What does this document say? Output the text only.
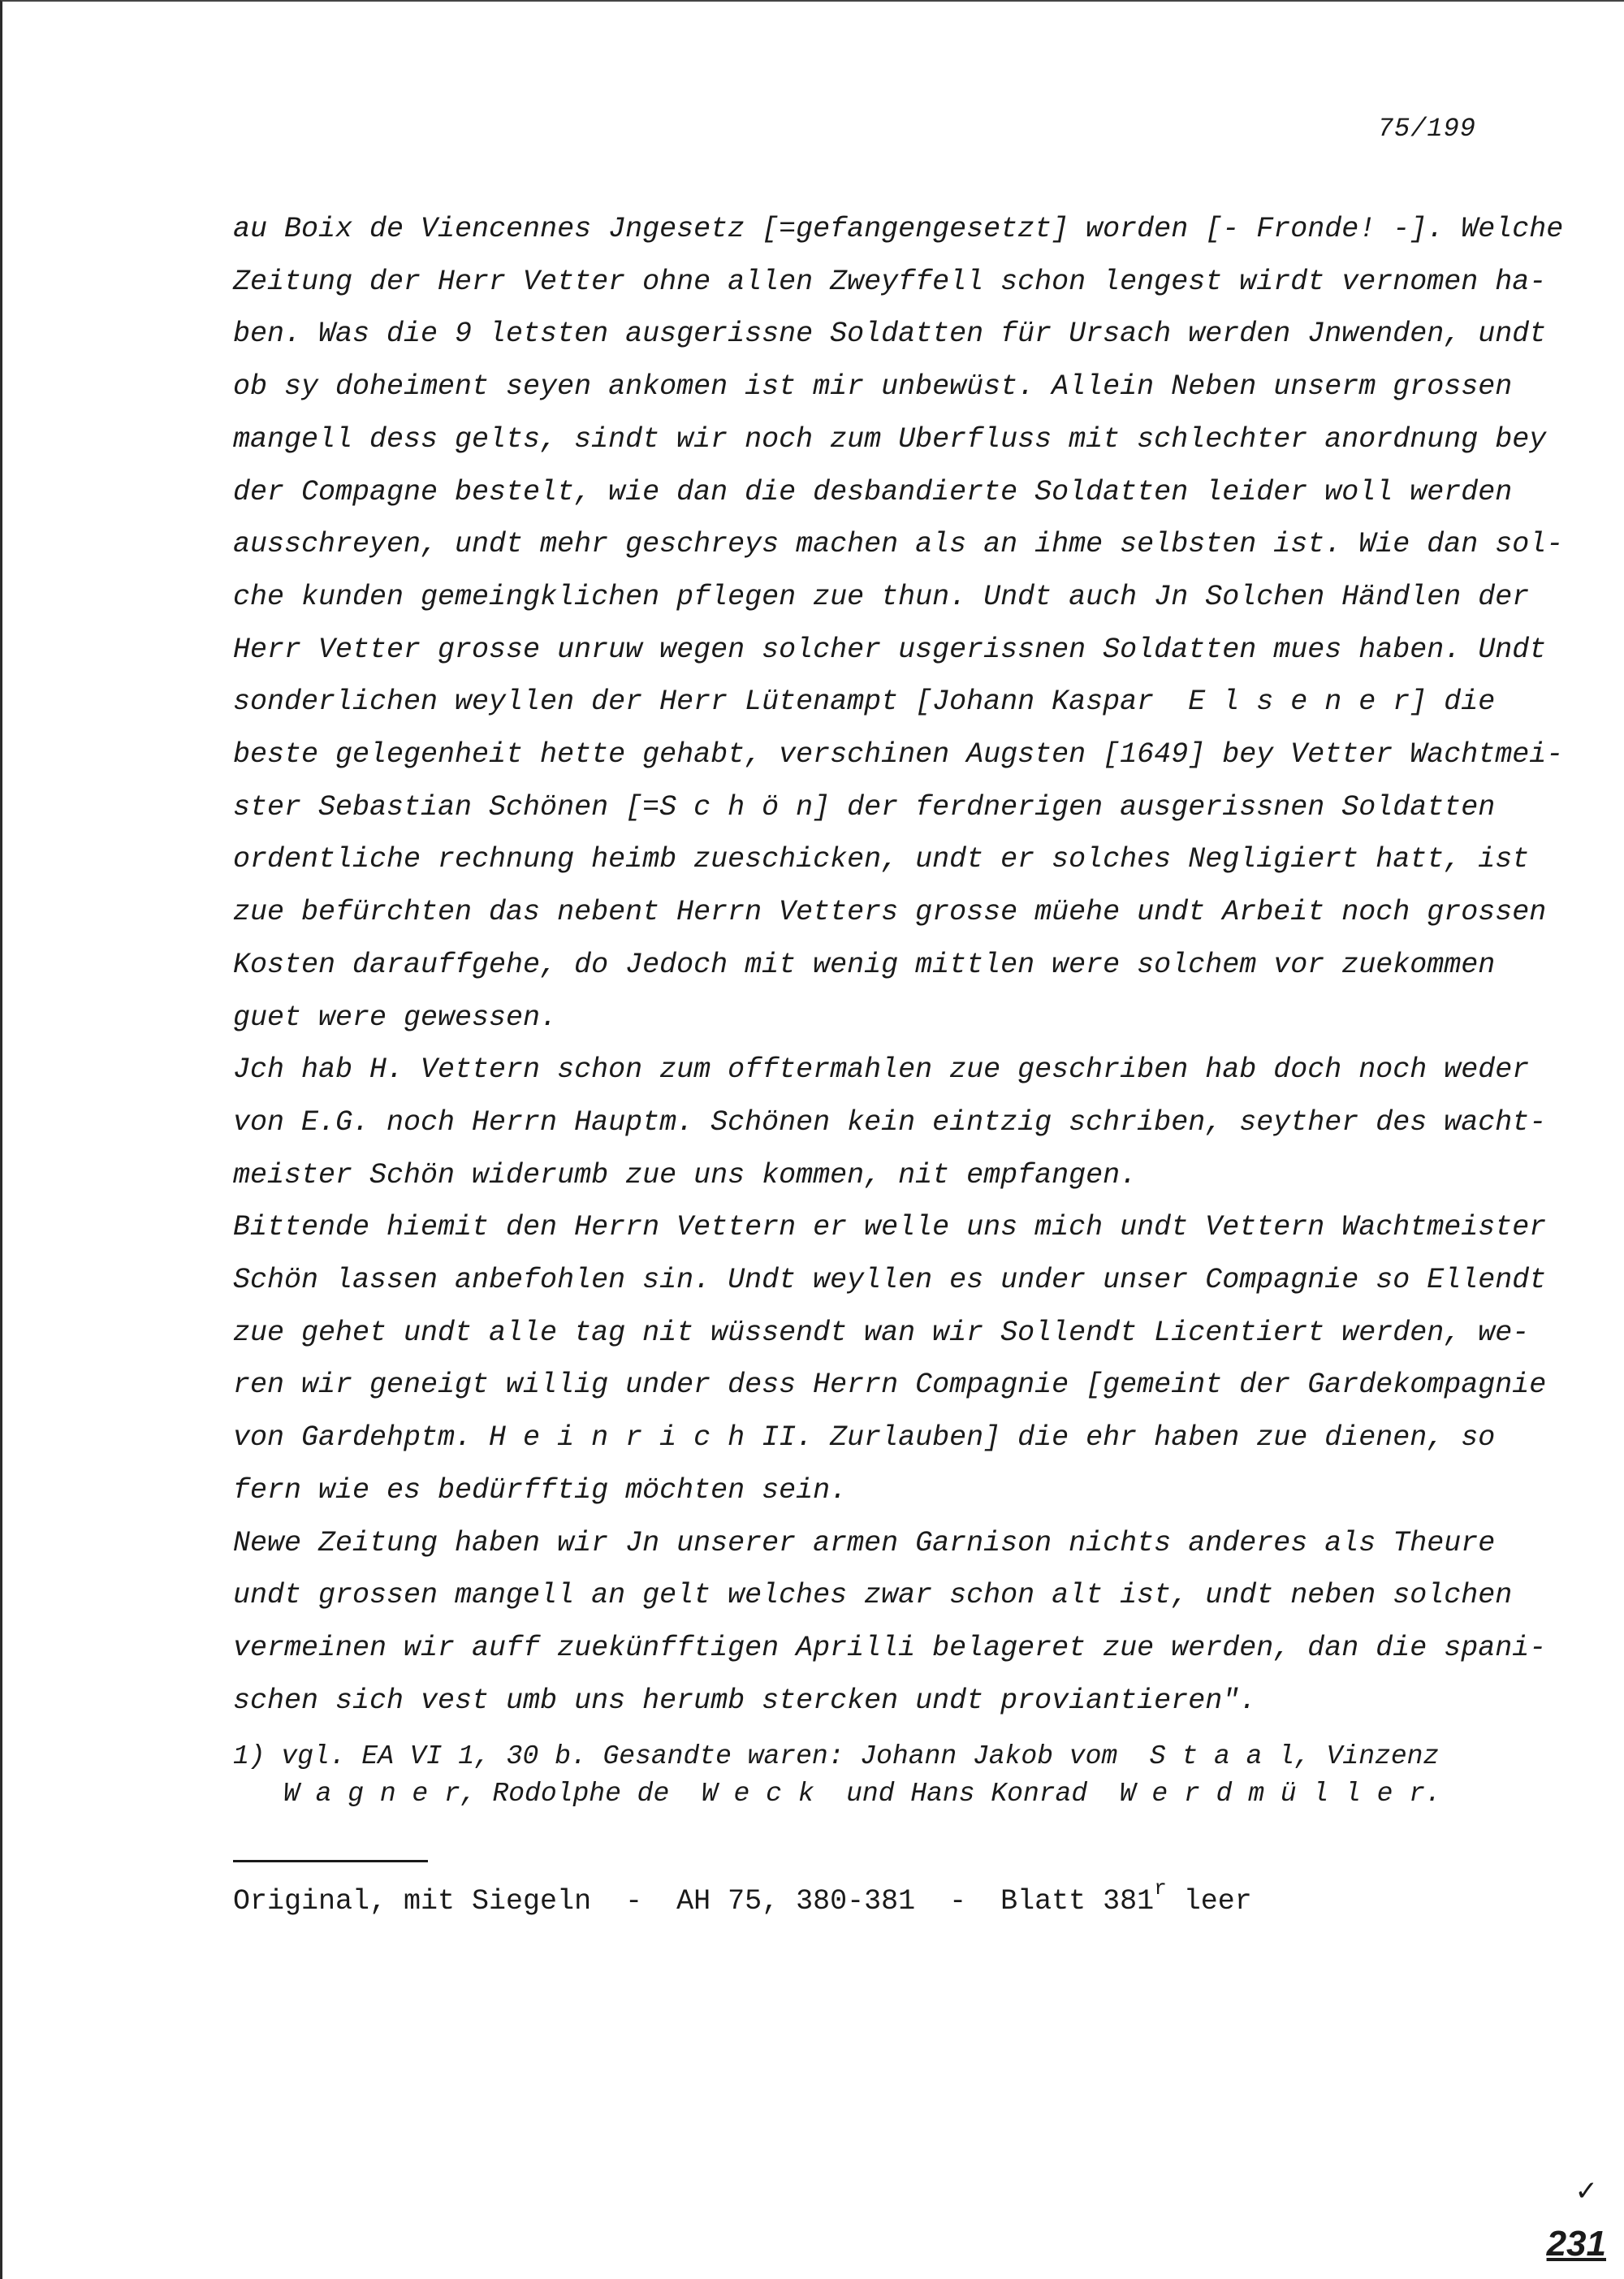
75/199
au Boix de Viencennes Jngesetz [=gefangengesetzt] worden [- Fronde! -]. Welche
Zeitung der Herr Vetter ohne allen Zweyffell schon lengest wirdt vernomen ha-
ben. Was die 9 letsten ausgerissne Soldatten für Ursach werden Jnwenden, undt
ob sy doheiment seyen ankomen ist mir unbewüst. Allein Neben unserm grossen
mangell dess gelts, sindt wir noch zum Uberfluss mit schlechter anordnung bey
der Compagne bestelt, wie dan die desbandierte Soldatten leider woll werden
ausschreyen, undt mehr geschreys machen als an ihme selbsten ist. Wie dan sol-
che kunden gemeingklichen pflegen zue thun. Undt auch Jn Solchen Händlen der
Herr Vetter grosse unruw wegen solcher usgerissnen Soldatten mues haben. Undt
sonderlichen weyllen der Herr Lütenampt [Johann Kaspar  E l s e n e r] die
beste gelegenheit hette gehabt, verschinen Augsten [1649] bey Vetter Wachtmei-
ster Sebastian Schönen [=S c h ö n] der ferdnerigen ausgerissnen Soldatten
ordentliche rechnung heimb zueschicken, undt er solches Negligiert hatt, ist
zue befürchten das nebent Herrn Vetters grosse müehe undt Arbeit noch grossen
Kosten darauffgehe, do Jedoch mit wenig mittlen were solchem vor zuekommen
guet were gewessen.
Jch hab H. Vettern schon zum offtermahlen zue geschriben hab doch noch weder
von E.G. noch Herrn Hauptm. Schönen kein eintzig schriben, seyther des wacht-
meister Schön widerumb zue uns kommen, nit empfangen.
Bittende hiemit den Herrn Vettern er welle uns mich undt Vettern Wachtmeister
Schön lassen anbefohlen sin. Undt weyllen es under unser Compagnie so Ellendt
zue gehet undt alle tag nit wüssendt wan wir Sollendt Licentiert werden, we-
ren wir geneigt willig under dess Herrn Compagnie [gemeint der Gardekompagnie
von Gardehptm. H e i n r i c h II. Zurlauben] die ehr haben zue dienen, so
fern wie es bedürfftig möchten sein.
Newe Zeitung haben wir Jn unserer armen Garnison nichts anderes als Theure
undt grossen mangell an gelt welches zwar schon alt ist, undt neben solchen
vermeinen wir auff zuekünfftigen Aprilli belageret zue werden, dan die spani-
schen sich vest umb uns herumb stercken undt proviantieren".
1) vgl. EA VI 1, 30 b. Gesandte waren: Johann Jakob vom  S t a a l, Vinzenz
W a g n e r, Rodolphe de  W e c k  und Hans Konrad  W e r d m ü l l e r.
Original, mit Siegeln  -  AH 75, 380-381  -  Blatt 381$^r$ leer
✓
231
